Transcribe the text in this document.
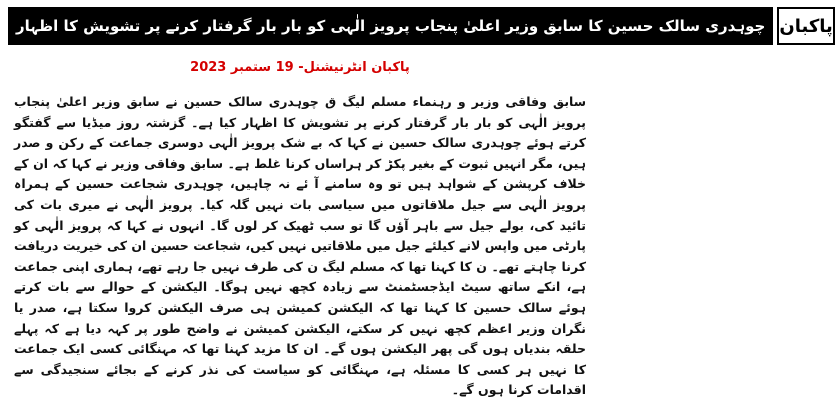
چوہدری سالک حسین کا سابق وزیر اعلیٰ پنجاب پرویز الٰہی کو بار بار گرفتار کرنے پر تشویش کا اظہار پاکبان
پاکبان انٹرنیشنل- 19 ستمبر 2023

سابق وفاقی وزیر و رہنماء مسلم لیگ ق چوہدری سالک حسین نے سابق وزیر اعلیٰ پنجاب پرویز الٰہی کو بار بار گرفتار کرنے پر تشویش کا اظہار کیا ہے۔ گزشتہ روز میڈیا سے گفتگو کرتے ہوئے چوہدری سالک حسین نے کہا کہ بے شک پرویز الٰہی دوسری جماعت کے رکن و صدر ہیں، مگر انہیں ثبوت کے بغیر پکڑ کر ہراساں کرنا غلط ہے۔ سابق وفاقی وزیر نے کہا کہ ان کے خلاف کرپشن کے شواہد ہیں تو وہ سامنے آ ئے نہ چاہیں، چوہدری شجاعت حسین کے ہمراہ پرویز الٰہی سے جیل ملاقاتوں میں سیاسی بات نہیں گلہ کیا۔ پرویز الٰہی نے میری بات کی تائید کی، بولے جیل سے باہر آؤں گا تو سب ٹھیک کر لوں گا۔ انہوں نے کہا کہ پرویز الٰہی کو پارٹی میں واپس لانے کیلئے جیل میں ملاقاتیں نہیں کیں، شجاعت حسین ان کی خیریت دریافت کرنا چاہتے تھے۔ ن کا کہنا تھا کہ مسلم لیگ ن کی طرف نہیں جا رہے تھے، ہماری اپنی جماعت ہے، انکے ساتھ سیٹ ایڈجسٹمنٹ سے زیادہ کچھ نہیں ہوگا۔ الیکشن کے حوالے سے بات کرتے ہوئے سالک حسین کا کہنا تھا کہ الیکشن کمیشن ہی صرف الیکشن کروا سکتا ہے، صدر یا نگران وزیر اعظم کچھ نہیں کر سکتے، الیکشن کمیشن نے واضح طور پر کہہ دیا ہے کہ پہلے حلقہ بندیاں ہوں گی پھر الیکشن ہوں گے۔ ان کا مزید کہنا تھا کہ مہنگائی کسی ایک جماعت کا نہیں ہر کسی کا مسئلہ ہے، مہنگائی کو سیاست کی نذر کرنے کے بجائے سنجیدگی سے اقدامات کرنا ہوں گے۔
